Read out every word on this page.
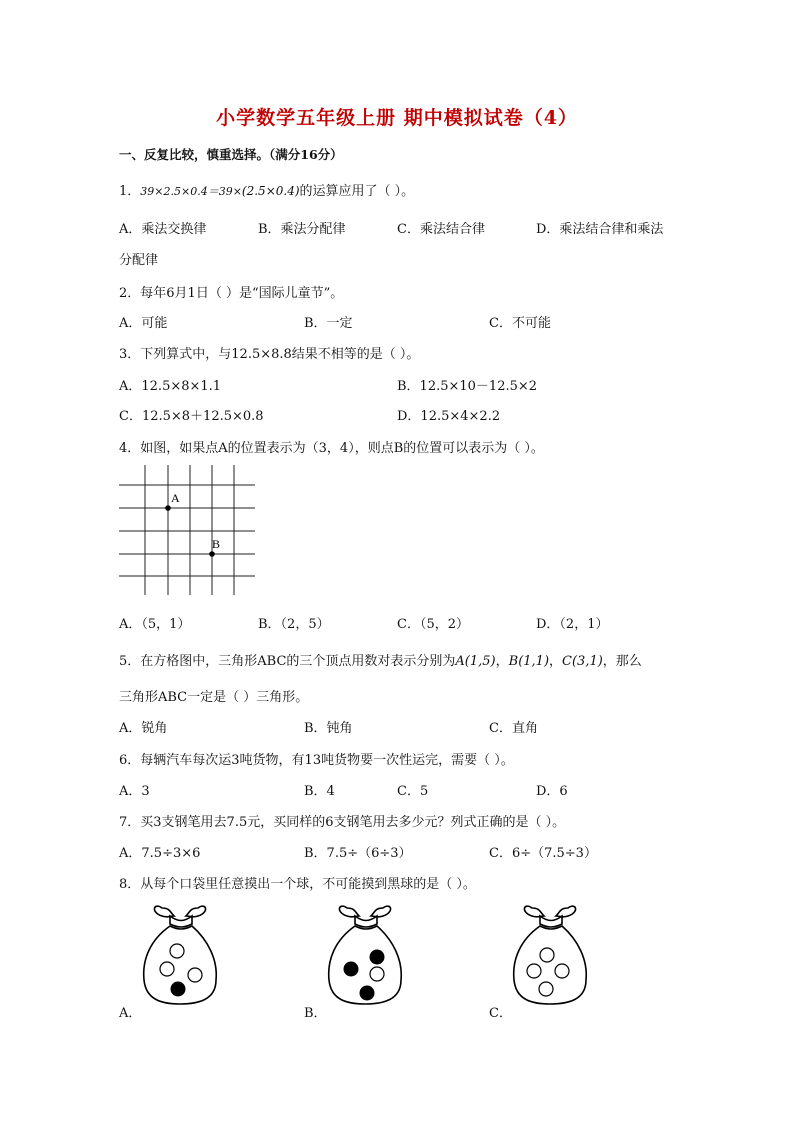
小学数学五年级上册 期中模拟试卷（4）
一、反复比较，慎重选择。（满分16分）
1．39×2.5×0.4＝39×(2.5×0.4)的运算应用了（ ）。
A．乘法交换律	B．乘法分配律	C．乘法结合律	D．乘法结合律和乘法
分配律
2．每年6月1日（ ）是“国际儿童节”。
A．可能	B．一定	C．不可能
3．下列算式中，与12.5×8.8结果不相等的是（ ）。
A．12.5×8×1.1	B．12.5×10－12.5×2
C．12.5×8＋12.5×0.8	D．12.5×4×2.2
4．如图，如果点A的位置表示为（3，4），则点B的位置可以表示为（ ）。
A
B
A．（5，1）	B．（2，5）	C．（5，2）	D．（2，1）
5．在方格图中，三角形ABC的三个顶点用数对表示分别为A(1,5)，B(1,1)，C(3,1)，那么
三角形ABC一定是（ ）三角形。
A．锐角	B．钝角	C．直角
6．每辆汽车每次运3吨货物，有13吨货物要一次性运完，需要（ ）。
A．3	B．4	C．5	D．6
7．买3支钢笔用去7.5元，买同样的6支钢笔用去多少元？列式正确的是（ ）。
A．7.5÷3×6	B．7.5÷（6÷3）	C．6÷（7.5÷3）
8．从每个口袋里任意摸出一个球，不可能摸到黑球的是（ ）。
A．	B．	C．
